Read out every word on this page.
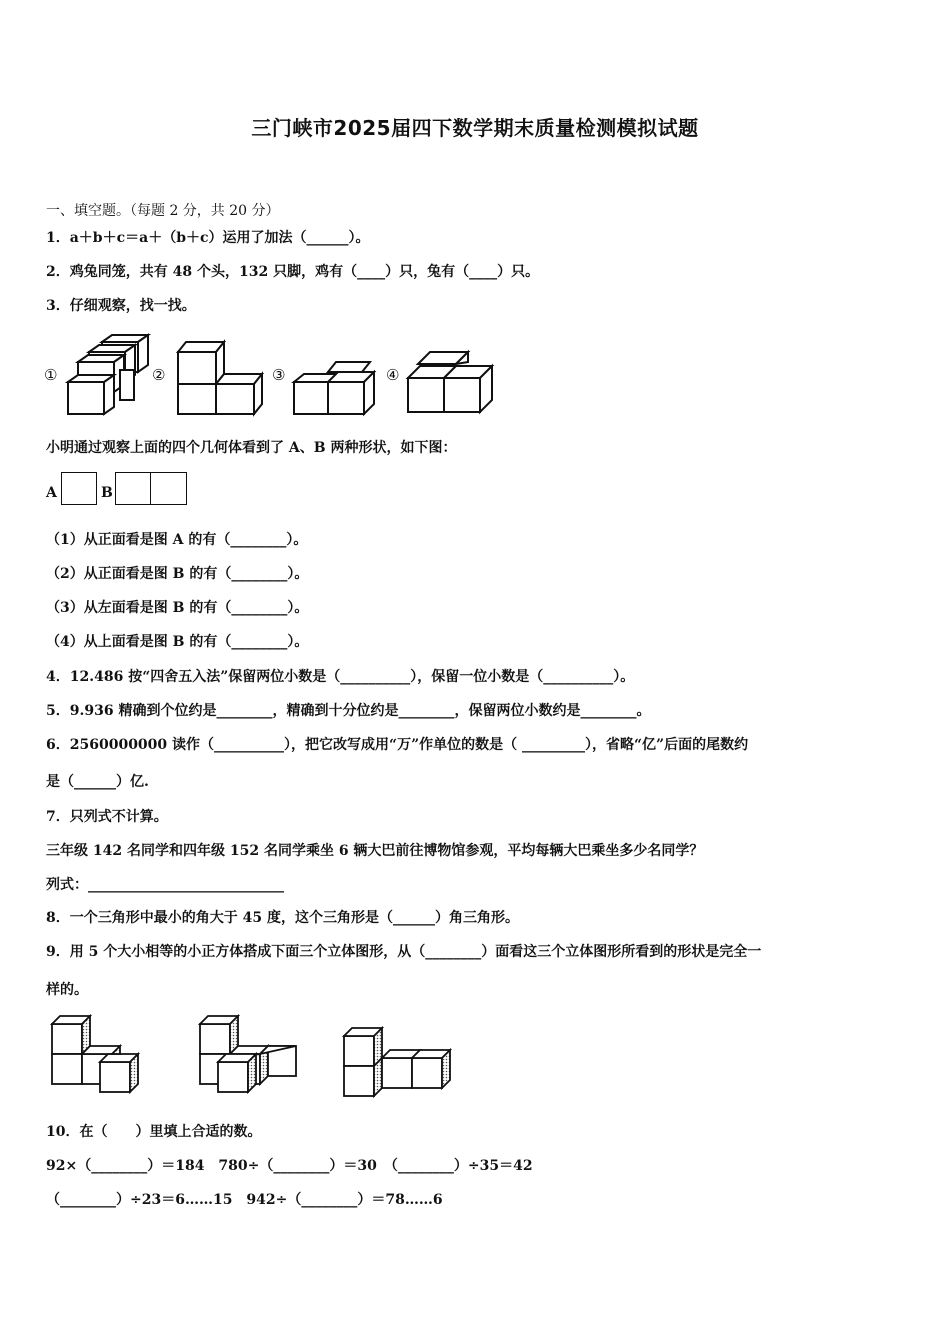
三门峡市2025届四下数学期末质量检测模拟试题
一、填空题。（每题 2 分，共 20 分）
1．a＋b＋c＝a＋（b＋c）运用了加法（______）。
2．鸡兔同笼，共有 48 个头，132 只脚，鸡有（____）只，兔有（____）只。
3．仔细观察，找一找。
①	②	③	④
小明通过观察上面的四个几何体看到了 A、B 两种形状，如下图：
A	B
（1）从正面看是图 A 的有（________）。
（2）从正面看是图 B 的有（________）。
（3）从左面看是图 B 的有（________）。
（4）从上面看是图 B 的有（________）。
4．12.486 按“四舍五入法”保留两位小数是（__________），保留一位小数是（__________）。
5．9.936 精确到个位约是________，精确到十分位约是________，保留两位小数约是________。
6．2560000000 读作（__________），把它改写成用“万”作单位的数是（ _________），省略“亿”后面的尾数约
是（______）亿.
7．只列式不计算。
三年级 142 名同学和四年级 152 名同学乘坐 6 辆大巴前往博物馆参观，平均每辆大巴乘坐多少名同学？
列式：____________________________
8．一个三角形中最小的角大于 45 度，这个三角形是（______）角三角形。
9．用 5 个大小相等的小正方体搭成下面三个立体图形，从（________）面看这三个立体图形所看到的形状是完全一
样的。
10．在（　　）里填上合适的数。
92×（________）＝184　780÷（________）＝30　（________）÷35＝42
（________）÷23＝6……15　942÷（________）＝78……6
